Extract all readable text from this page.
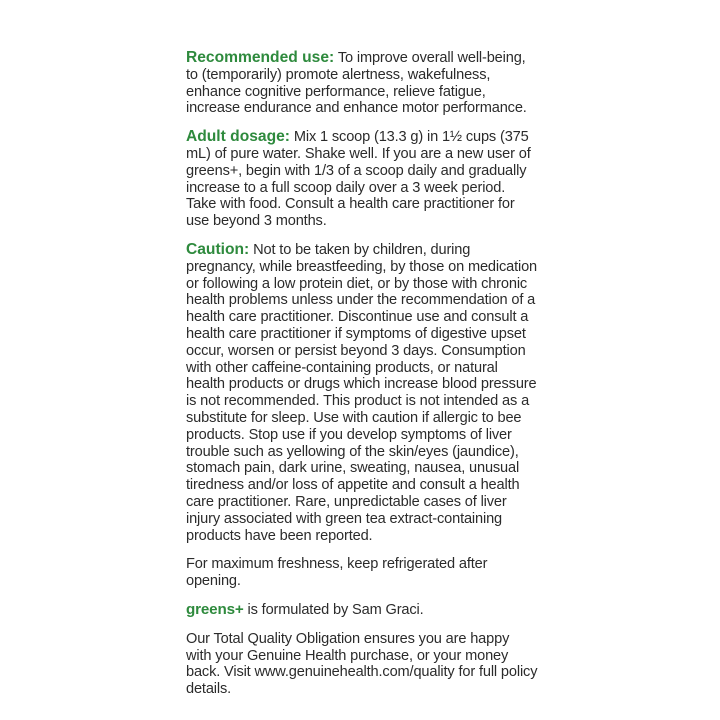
Recommended use: To improve overall well-being, to (temporarily) promote alertness, wakefulness, enhance cognitive performance, relieve fatigue, increase endurance and enhance motor performance.

Adult dosage: Mix 1 scoop (13.3 g) in 1½ cups (375 mL) of pure water. Shake well. If you are a new user of greens+, begin with 1/3 of a scoop daily and gradually increase to a full scoop daily over a 3 week period. Take with food. Consult a health care practitioner for use beyond 3 months.

Caution: Not to be taken by children, during pregnancy, while breastfeeding, by those on medication or following a low protein diet, or by those with chronic health problems unless under the recommendation of a health care practitioner. Discontinue use and consult a health care practitioner if symptoms of digestive upset occur, worsen or persist beyond 3 days. Consumption with other caffeine-containing products, or natural health products or drugs which increase blood pressure is not recommended. This product is not intended as a substitute for sleep. Use with caution if allergic to bee products. Stop use if you develop symptoms of liver trouble such as yellowing of the skin/eyes (jaundice), stomach pain, dark urine, sweating, nausea, unusual tiredness and/or loss of appetite and consult a health care practitioner. Rare, unpredictable cases of liver injury associated with green tea extract-containing products have been reported.

For maximum freshness, keep refrigerated after opening.

greens+ is formulated by Sam Graci.

Our Total Quality Obligation ensures you are happy with your Genuine Health purchase, or your money back. Visit www.genuinehealth.com/quality for full policy details.
